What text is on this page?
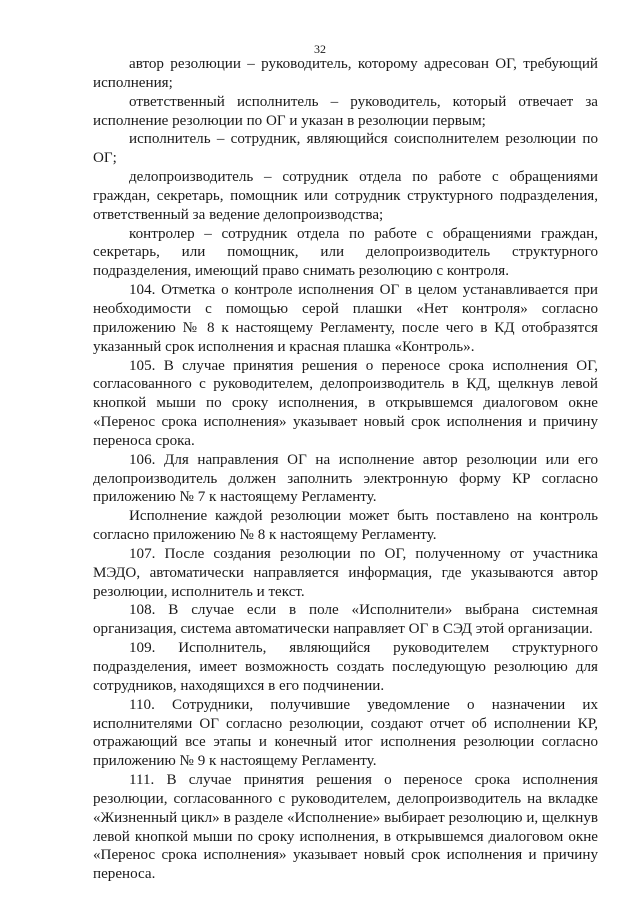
32

автор резолюции – руководитель, которому адресован ОГ, требующий исполнения;

ответственный исполнитель – руководитель, который отвечает за исполнение резолюции по ОГ и указан в резолюции первым;

исполнитель – сотрудник, являющийся соисполнителем резолюции по ОГ;

делопроизводитель – сотрудник отдела по работе с обращениями граждан, секретарь, помощник или сотрудник структурного подразделения, ответственный за ведение делопроизводства;

контролер – сотрудник отдела по работе с обращениями граждан, секретарь, или помощник, или делопроизводитель структурного подразделения, имеющий право снимать резолюцию с контроля.

104. Отметка о контроле исполнения ОГ в целом устанавливается при необходимости с помощью серой плашки «Нет контроля» согласно приложению № 8 к настоящему Регламенту, после чего в КД отобразятся указанный срок исполнения и красная плашка «Контроль».

105. В случае принятия решения о переносе срока исполнения ОГ, согласованного с руководителем, делопроизводитель в КД, щелкнув левой кнопкой мыши по сроку исполнения, в открывшемся диалоговом окне «Перенос срока исполнения» указывает новый срок исполнения и причину переноса срока.

106. Для направления ОГ на исполнение автор резолюции или его делопроизводитель должен заполнить электронную форму КР согласно приложению № 7 к настоящему Регламенту.

Исполнение каждой резолюции может быть поставлено на контроль согласно приложению № 8 к настоящему Регламенту.

107. После создания резолюции по ОГ, полученному от участника МЭДО, автоматически направляется информация, где указываются автор резолюции, исполнитель и текст.

108. В случае если в поле «Исполнители» выбрана системная организация, система автоматически направляет ОГ в СЭД этой организации.

109. Исполнитель, являющийся руководителем структурного подразделения, имеет возможность создать последующую резолюцию для сотрудников, находящихся в его подчинении.

110. Сотрудники, получившие уведомление о назначении их исполнителями ОГ согласно резолюции, создают отчет об исполнении КР, отражающий все этапы и конечный итог исполнения резолюции согласно приложению № 9 к настоящему Регламенту.

111. В случае принятия решения о переносе срока исполнения резолюции, согласованного с руководителем, делопроизводитель на вкладке «Жизненный цикл» в разделе «Исполнение» выбирает резолюцию и, щелкнув левой кнопкой мыши по сроку исполнения, в открывшемся диалоговом окне «Перенос срока исполнения» указывает новый срок исполнения и причину переноса.
